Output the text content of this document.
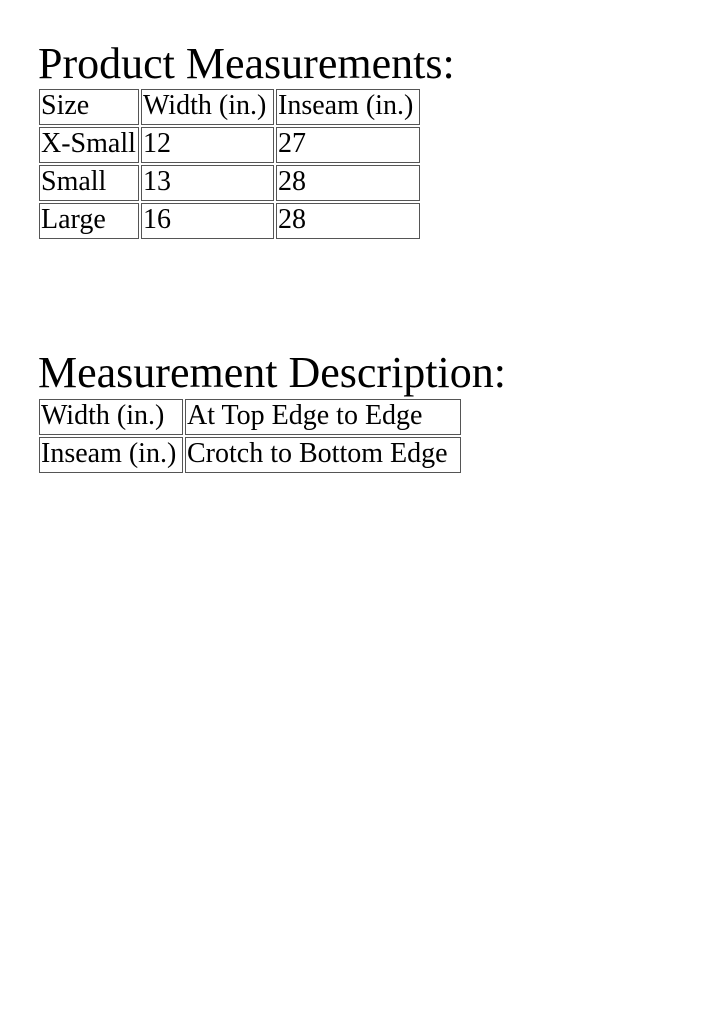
Product Measurements:
Size	Width (in.)	Inseam (in.)
X-Small	12	27
Small	13	28
Large	16	28
Measurement Description:
Width (in.)	At Top Edge to Edge
Inseam (in.)	Crotch to Bottom Edge
